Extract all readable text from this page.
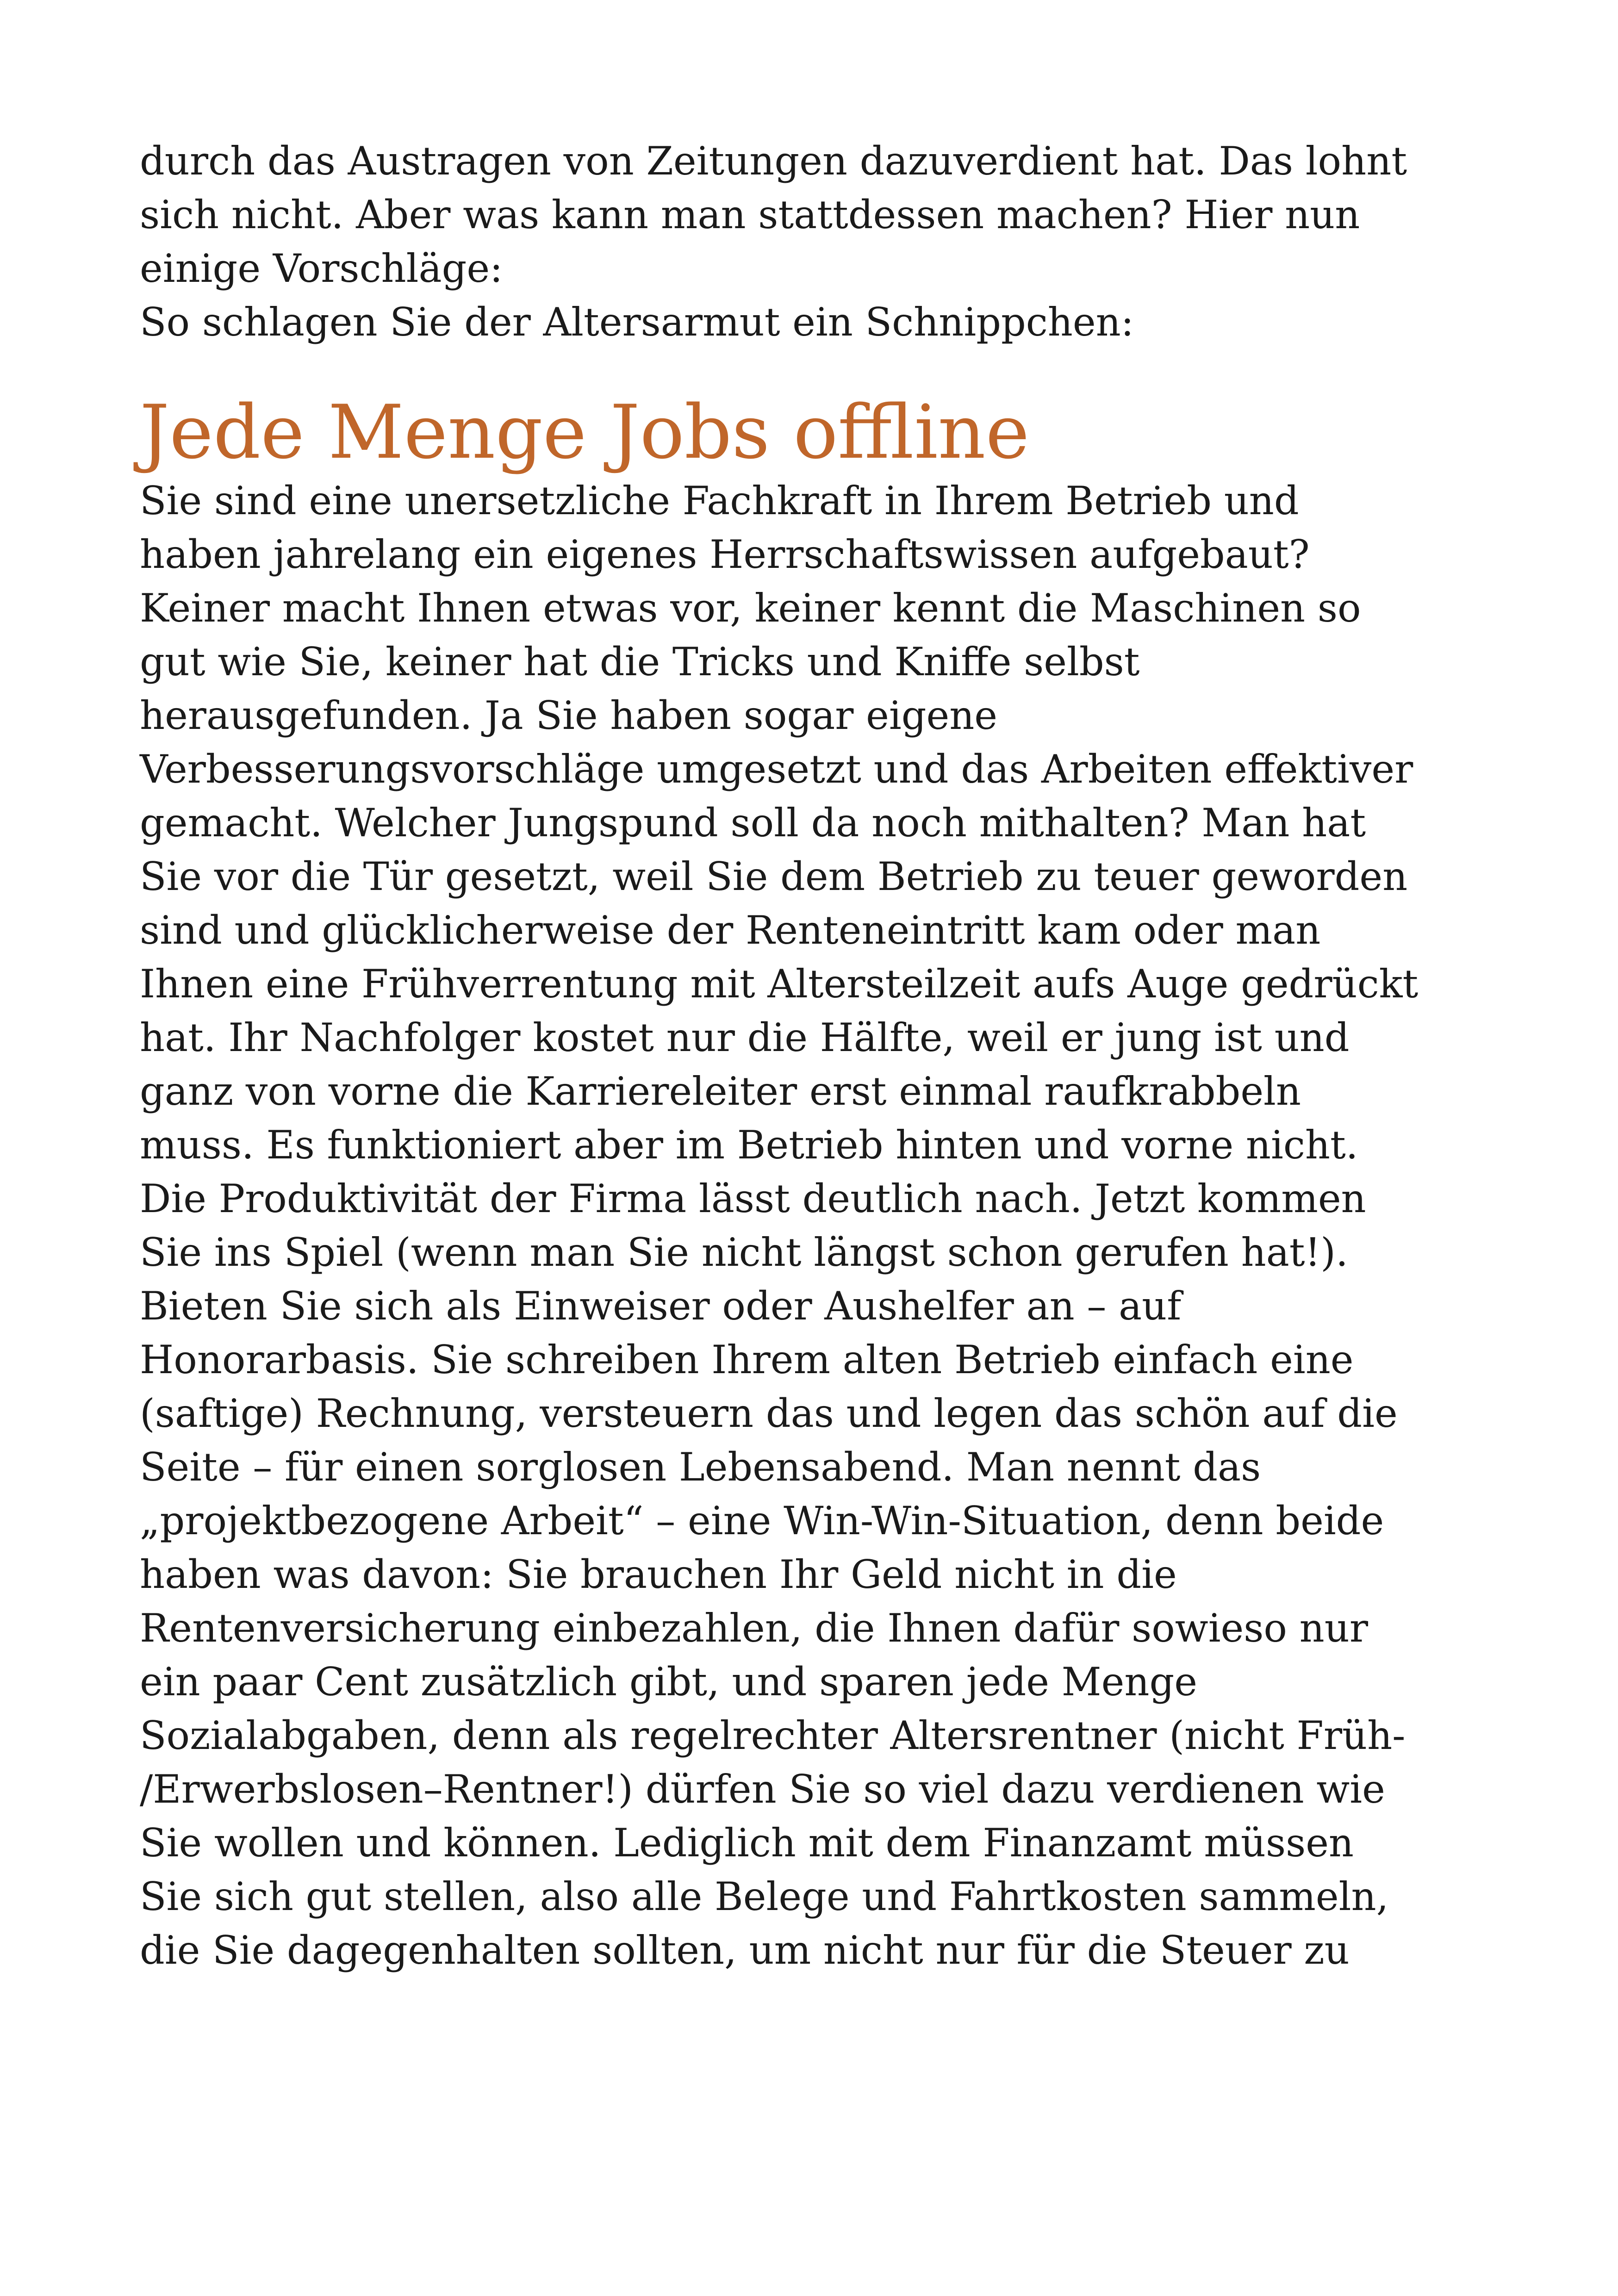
durch das Austragen von Zeitungen dazuverdient hat. Das lohnt
sich nicht. Aber was kann man stattdessen machen? Hier nun
einige Vorschläge:
So schlagen Sie der Altersarmut ein Schnippchen:
Jede Menge Jobs offline
Sie sind eine unersetzliche Fachkraft in Ihrem Betrieb und
haben jahrelang ein eigenes Herrschaftswissen aufgebaut?
Keiner macht Ihnen etwas vor, keiner kennt die Maschinen so
gut wie Sie, keiner hat die Tricks und Kniffe selbst
herausgefunden. Ja Sie haben sogar eigene
Verbesserungsvorschläge umgesetzt und das Arbeiten effektiver
gemacht. Welcher Jungspund soll da noch mithalten? Man hat
Sie vor die Tür gesetzt, weil Sie dem Betrieb zu teuer geworden
sind und glücklicherweise der Renteneintritt kam oder man
Ihnen eine Frühverrentung mit Altersteilzeit aufs Auge gedrückt
hat. Ihr Nachfolger kostet nur die Hälfte, weil er jung ist und
ganz von vorne die Karriereleiter erst einmal raufkrabbeln
muss. Es funktioniert aber im Betrieb hinten und vorne nicht.
Die Produktivität der Firma lässt deutlich nach. Jetzt kommen
Sie ins Spiel (wenn man Sie nicht längst schon gerufen hat!).
Bieten Sie sich als Einweiser oder Aushelfer an – auf
Honorarbasis. Sie schreiben Ihrem alten Betrieb einfach eine
(saftige) Rechnung, versteuern das und legen das schön auf die
Seite – für einen sorglosen Lebensabend. Man nennt das
„projektbezogene Arbeit“ – eine Win-Win-Situation, denn beide
haben was davon: Sie brauchen Ihr Geld nicht in die
Rentenversicherung einbezahlen, die Ihnen dafür sowieso nur
ein paar Cent zusätzlich gibt, und sparen jede Menge
Sozialabgaben, denn als regelrechter Altersrentner (nicht Früh-
/Erwerbslosen–Rentner!) dürfen Sie so viel dazu verdienen wie
Sie wollen und können. Lediglich mit dem Finanzamt müssen
Sie sich gut stellen, also alle Belege und Fahrtkosten sammeln,
die Sie dagegenhalten sollten, um nicht nur für die Steuer zu
